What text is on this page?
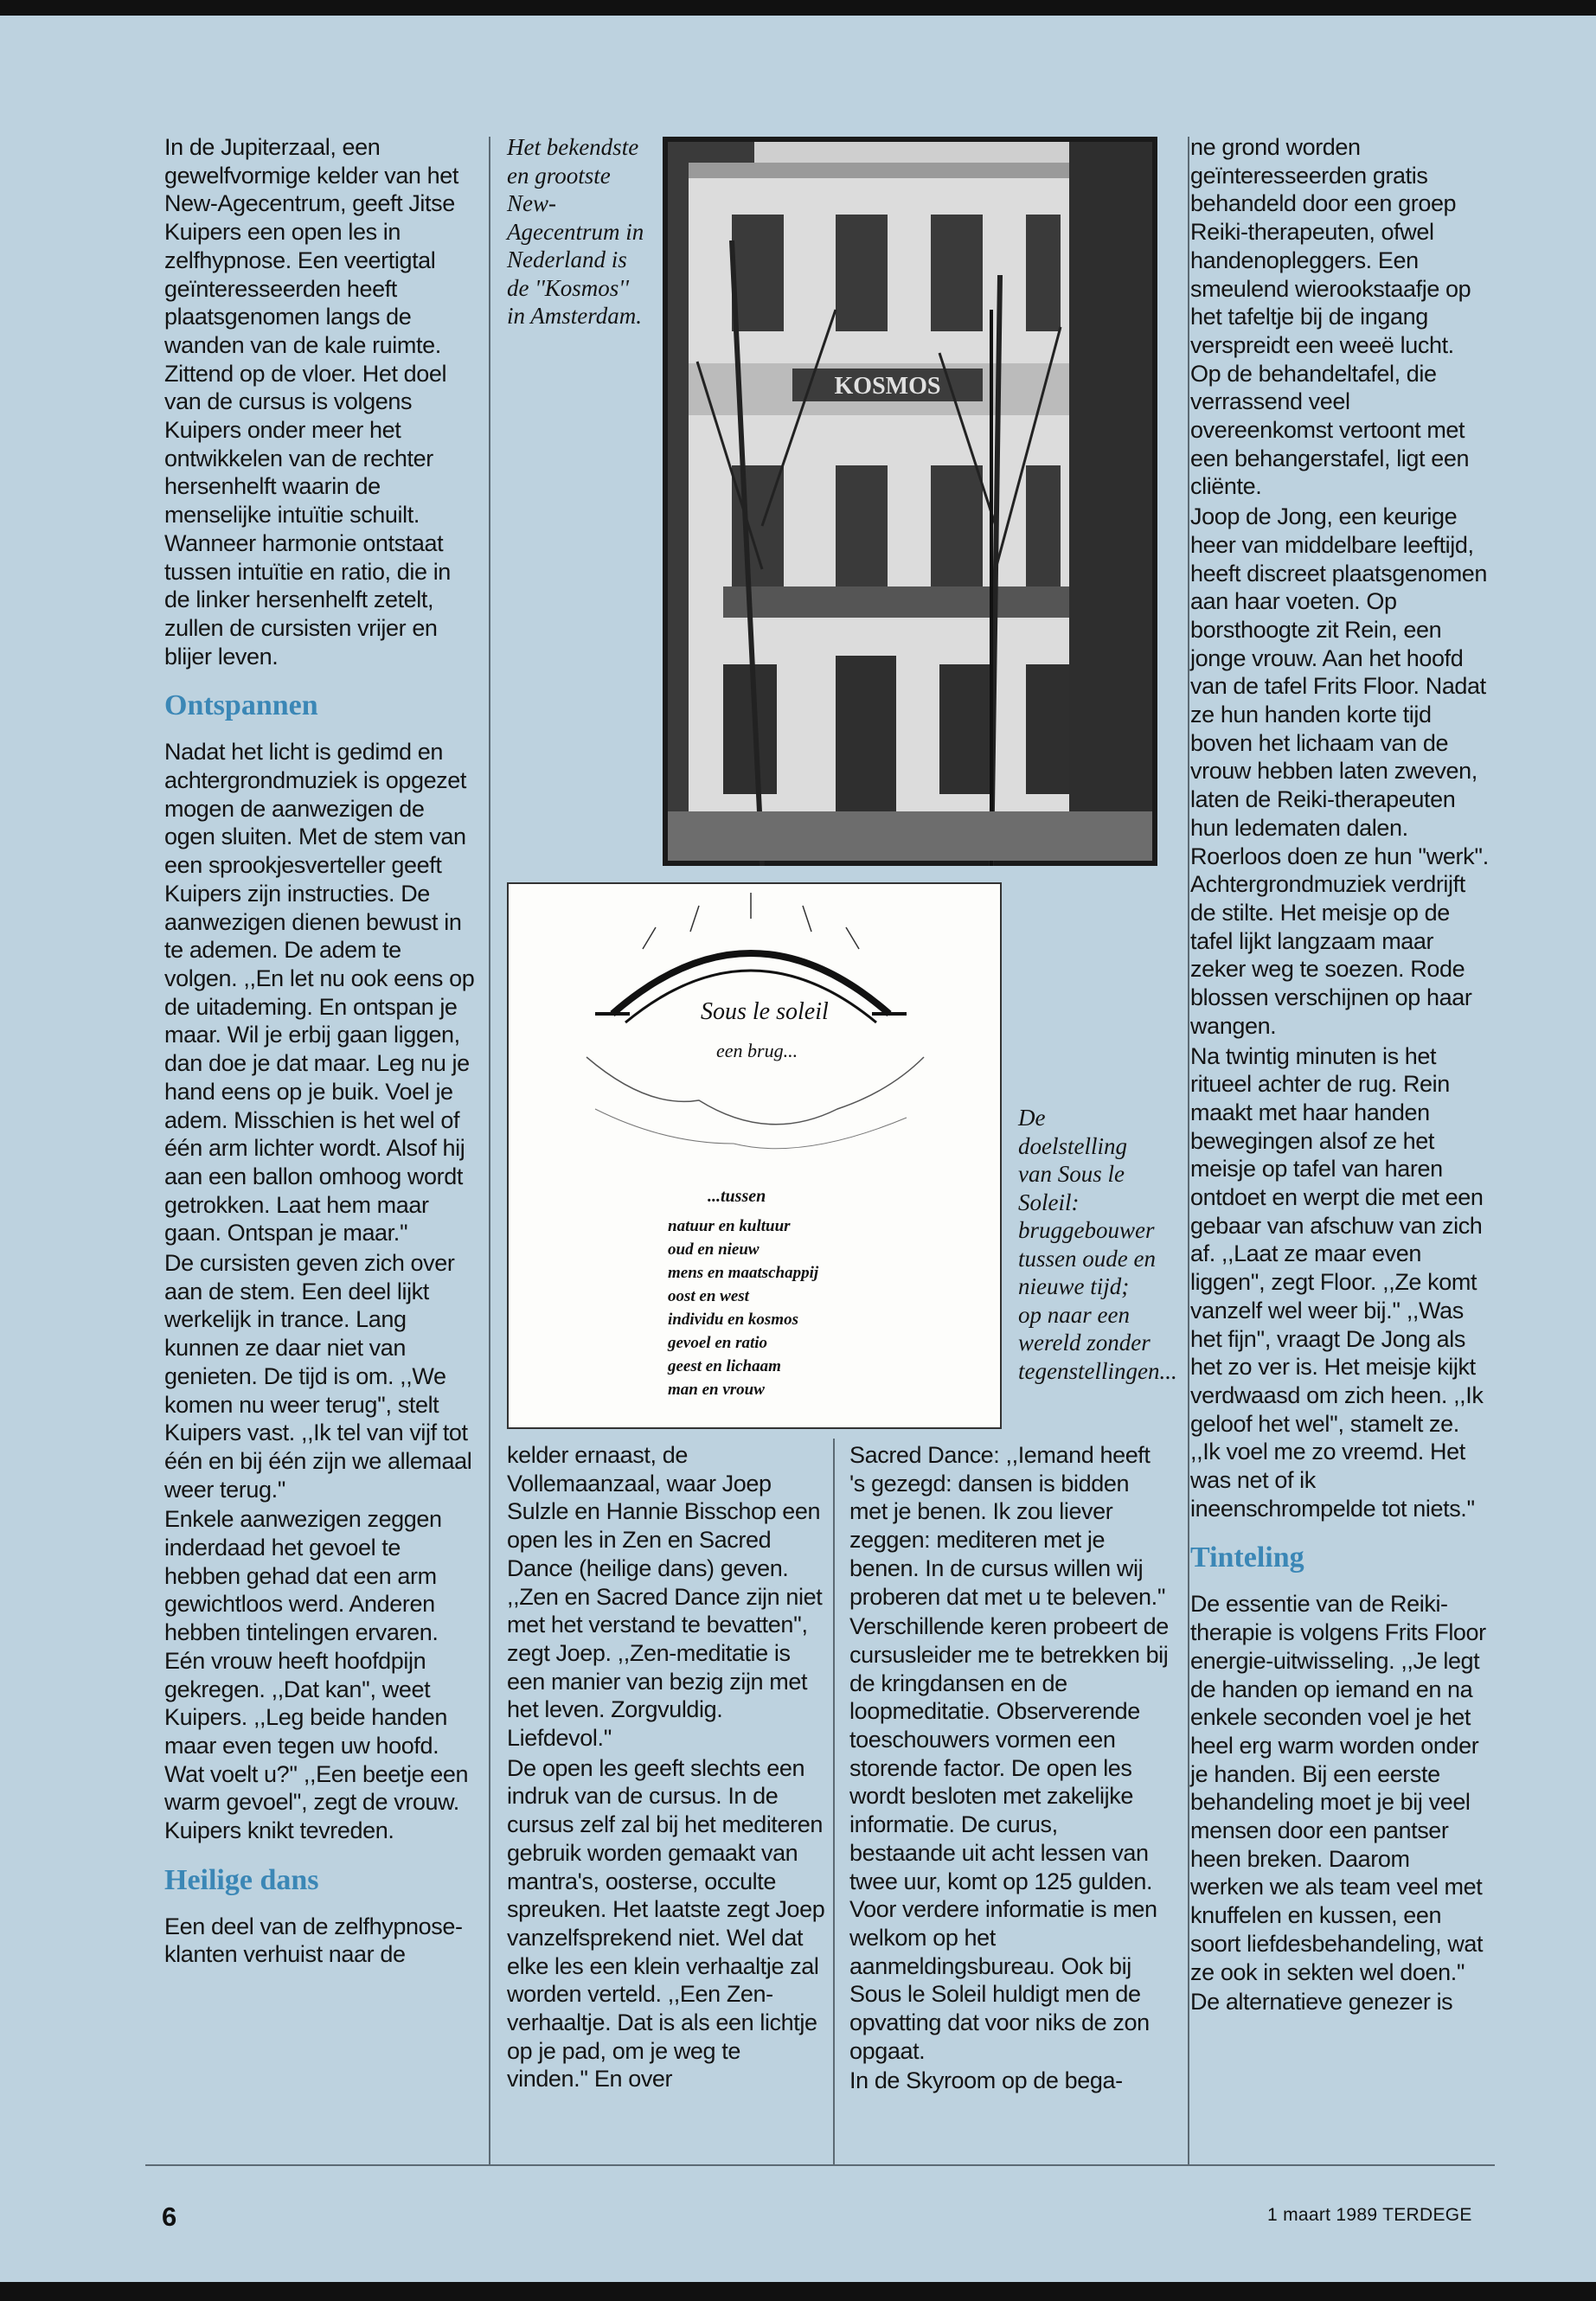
In de Jupiterzaal, een gewelfvormige kelder van het New-Agecentrum, geeft Jitse Kuipers een open les in zelfhypnose. Een veertigtal geïnteresseerden heeft plaatsgenomen langs de wanden van de kale ruimte. Zittend op de vloer. Het doel van de cursus is volgens Kuipers onder meer het ontwikkelen van de rechter hersenhelft waarin de menselijke intuïtie schuilt. Wanneer harmonie ontstaat tussen intuïtie en ratio, die in de linker hersenhelft zetelt, zullen de cursisten vrijer en blijer leven.

Ontspannen

Nadat het licht is gedimd en achtergrondmuziek is opgezet mogen de aanwezigen de ogen sluiten. Met de stem van een sprookjesverteller geeft Kuipers zijn instructies. De aanwezigen dienen bewust in te ademen. De adem te volgen. ,,En let nu ook eens op de uitademing. En ontspan je maar. Wil je erbij gaan liggen, dan doe je dat maar. Leg nu je hand eens op je buik. Voel je adem. Misschien is het wel of één arm lichter wordt. Alsof hij aan een ballon omhoog wordt getrokken. Laat hem maar gaan. Ontspan je maar.''

De cursisten geven zich over aan de stem. Een deel lijkt werkelijk in trance. Lang kunnen ze daar niet van genieten. De tijd is om. ,,We komen nu weer terug'', stelt Kuipers vast. ,,Ik tel van vijf tot één en bij één zijn we allemaal weer terug.''

Enkele aanwezigen zeggen inderdaad het gevoel te hebben gehad dat een arm gewichtloos werd. Anderen hebben tintelingen ervaren. Eén vrouw heeft hoofdpijn gekregen. ,,Dat kan'', weet Kuipers. ,,Leg beide handen maar even tegen uw hoofd. Wat voelt u?'' ,,Een beetje een warm gevoel'', zegt de vrouw. Kuipers knikt tevreden.

Heilige dans

Een deel van de zelfhypnose-klanten verhuist naar de

Het bekendste en grootste New-Agecentrum in Nederland is de ''Kosmos'' in Amsterdam.
KOSMOS
Sous le soleil
een brug...
...tussen
natuur en kultuur
oud en nieuw
mens en maatschappij
oost en west
individu en kosmos
gevoel en ratio
geest en lichaam
man en vrouw
De doelstelling van Sous le Soleil: bruggebouwer tussen oude en nieuwe tijd; op naar een wereld zonder tegenstellingen...

kelder ernaast, de Vollemaanzaal, waar Joep Sulzle en Hannie Bisschop een open les in Zen en Sacred Dance (heilige dans) geven. ,,Zen en Sacred Dance zijn niet met het verstand te bevatten'', zegt Joep. ,,Zen-meditatie is een manier van bezig zijn met het leven. Zorgvuldig. Liefdevol.''

De open les geeft slechts een indruk van de cursus. In de cursus zelf zal bij het mediteren gebruik worden gemaakt van mantra's, oosterse, occulte spreuken. Het laatste zegt Joep vanzelfsprekend niet. Wel dat elke les een klein verhaaltje zal worden verteld. ,,Een Zen-verhaaltje. Dat is als een lichtje op je pad, om je weg te vinden.'' En over

Sacred Dance: ,,Iemand heeft 's gezegd: dansen is bidden met je benen. Ik zou liever zeggen: mediteren met je benen. In de cursus willen wij proberen dat met u te beleven.''

Verschillende keren probeert de cursusleider me te betrekken bij de kringdansen en de loopmeditatie. Observerende toeschouwers vormen een storende factor. De open les wordt besloten met zakelijke informatie. De curus, bestaande uit acht lessen van twee uur, komt op 125 gulden. Voor verdere informatie is men welkom op het aanmeldingsbureau. Ook bij Sous le Soleil huldigt men de opvatting dat voor niks de zon opgaat.

In de Skyroom op de bega-

ne grond worden geïnteresseerden gratis behandeld door een groep Reiki-therapeuten, ofwel handenopleggers. Een smeulend wierookstaafje op het tafeltje bij de ingang verspreidt een weeë lucht. Op de behandeltafel, die verrassend veel overeenkomst vertoont met een behangerstafel, ligt een cliënte.

Joop de Jong, een keurige heer van middelbare leeftijd, heeft discreet plaatsgenomen aan haar voeten. Op borsthoogte zit Rein, een jonge vrouw. Aan het hoofd van de tafel Frits Floor. Nadat ze hun handen korte tijd boven het lichaam van de vrouw hebben laten zweven, laten de Reiki-therapeuten hun ledematen dalen. Roerloos doen ze hun ''werk''. Achtergrondmuziek verdrijft de stilte. Het meisje op de tafel lijkt langzaam maar zeker weg te soezen. Rode blossen verschijnen op haar wangen.

Na twintig minuten is het ritueel achter de rug. Rein maakt met haar handen bewegingen alsof ze het meisje op tafel van haren ontdoet en werpt die met een gebaar van afschuw van zich af. ,,Laat ze maar even liggen'', zegt Floor. ,,Ze komt vanzelf wel weer bij.'' ,,Was het fijn'', vraagt De Jong als het zo ver is. Het meisje kijkt verdwaasd om zich heen. ,,Ik geloof het wel'', stamelt ze. ,,Ik voel me zo vreemd. Het was net of ik ineenschrompelde tot niets.''

Tinteling

De essentie van de Reiki-therapie is volgens Frits Floor energie-uitwisseling. ,,Je legt de handen op iemand en na enkele seconden voel je het heel erg warm worden onder je handen. Bij een eerste behandeling moet je bij veel mensen door een pantser heen breken. Daarom werken we als team veel met knuffelen en kussen, een soort liefdesbehandeling, wat ze ook in sekten wel doen.''

De alternatieve genezer is

6	1 maart 1989 TERDEGE
